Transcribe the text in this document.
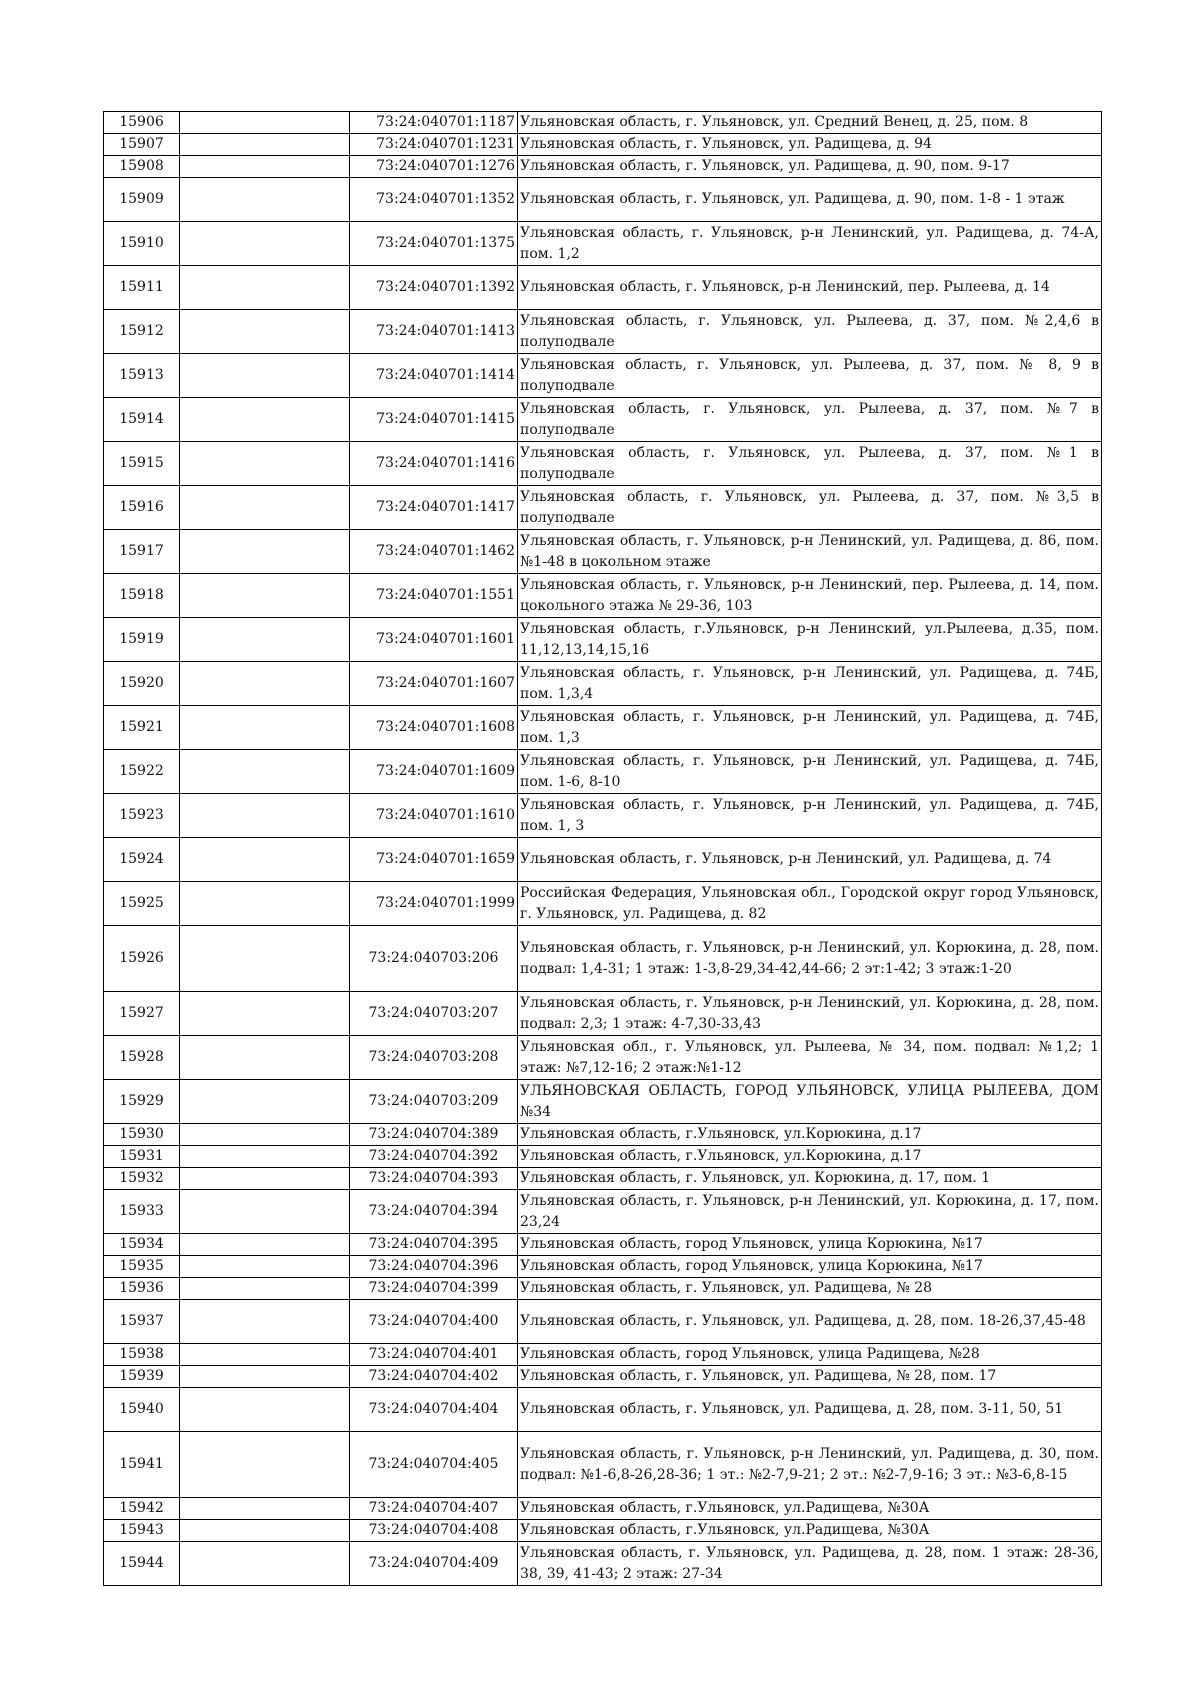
15906		73:24:040701:1187	Ульяновская область, г. Ульяновск, ул. Средний Венец, д. 25, пом. 8
15907		73:24:040701:1231	Ульяновская область, г. Ульяновск, ул. Радищева, д. 94
15908		73:24:040701:1276	Ульяновская область, г. Ульяновск, ул. Радищева, д. 90, пом. 9-17
15909		73:24:040701:1352	Ульяновская область, г. Ульяновск, ул. Радищева, д. 90, пом. 1-8 - 1 этаж
15910		73:24:040701:1375	Ульяновская область, г. Ульяновск, р-н Ленинский, ул. Радищева, д. 74-А, пом. 1,2
15911		73:24:040701:1392	Ульяновская область, г. Ульяновск, р-н Ленинский, пер. Рылеева, д. 14
15912		73:24:040701:1413	Ульяновская область, г. Ульяновск, ул. Рылеева, д. 37, пом. №2,4,6 в полуподвале
15913		73:24:040701:1414	Ульяновская область, г. Ульяновск, ул. Рылеева, д. 37, пом. № 8, 9 в полуподвале
15914		73:24:040701:1415	Ульяновская область, г. Ульяновск, ул. Рылеева, д. 37, пом. №7 в полуподвале
15915		73:24:040701:1416	Ульяновская область, г. Ульяновск, ул. Рылеева, д. 37, пом. №1 в полуподвале
15916		73:24:040701:1417	Ульяновская область, г. Ульяновск, ул. Рылеева, д. 37, пом. №3,5 в полуподвале
15917		73:24:040701:1462	Ульяновская область, г. Ульяновск, р-н Ленинский, ул. Радищева, д. 86, пом.№1-48 в цокольном этаже
15918		73:24:040701:1551	Ульяновская область, г. Ульяновск, р-н Ленинский, пер. Рылеева, д. 14, пом. цокольного этажа № 29-36, 103
15919		73:24:040701:1601	Ульяновская область, г.Ульяновск, р-н Ленинский, ул.Рылеева, д.35, пом. 11,12,13,14,15,16
15920		73:24:040701:1607	Ульяновская область, г. Ульяновск, р-н Ленинский, ул. Радищева, д. 74Б, пом. 1,3,4
15921		73:24:040701:1608	Ульяновская область, г. Ульяновск, р-н Ленинский, ул. Радищева, д. 74Б, пом. 1,3
15922		73:24:040701:1609	Ульяновская область, г. Ульяновск, р-н Ленинский, ул. Радищева, д. 74Б, пом. 1-6, 8-10
15923		73:24:040701:1610	Ульяновская область, г. Ульяновск, р-н Ленинский, ул. Радищева, д. 74Б, пом. 1, 3
15924		73:24:040701:1659	Ульяновская область, г. Ульяновск, р-н Ленинский, ул. Радищева, д. 74
15925		73:24:040701:1999	Российская Федерация, Ульяновская обл., Городской округ город Ульяновск, г. Ульяновск, ул. Радищева, д. 82
15926		73:24:040703:206	Ульяновская область, г. Ульяновск, р-н Ленинский, ул. Корюкина, д. 28, пом. подвал: 1,4-31; 1 этаж: 1-3,8-29,34-42,44-66; 2 эт:1-42; 3 этаж:1-20
15927		73:24:040703:207	Ульяновская область, г. Ульяновск, р-н Ленинский, ул. Корюкина, д. 28, пом. подвал: 2,3; 1 этаж: 4-7,30-33,43
15928		73:24:040703:208	Ульяновская обл., г. Ульяновск, ул. Рылеева, № 34, пом. подвал: №1,2; 1 этаж: №7,12-16; 2 этаж:№1-12
15929		73:24:040703:209	УЛЬЯНОВСКАЯ ОБЛАСТЬ, ГОРОД УЛЬЯНОВСК, УЛИЦА РЫЛЕЕВА, ДОМ №34
15930		73:24:040704:389	Ульяновская область, г.Ульяновск, ул.Корюкина, д.17
15931		73:24:040704:392	Ульяновская область, г.Ульяновск, ул.Корюкина, д.17
15932		73:24:040704:393	Ульяновская область, г. Ульяновск, ул. Корюкина, д. 17, пом. 1
15933		73:24:040704:394	Ульяновская область, г. Ульяновск, р-н Ленинский, ул. Корюкина, д. 17, пом. 23,24
15934		73:24:040704:395	Ульяновская область, город Ульяновск, улица Корюкина, №17
15935		73:24:040704:396	Ульяновская область, город Ульяновск, улица Корюкина, №17
15936		73:24:040704:399	Ульяновская область, г. Ульяновск, ул. Радищева, № 28
15937		73:24:040704:400	Ульяновская область, г. Ульяновск, ул. Радищева, д. 28, пом. 18-26,37,45-48
15938		73:24:040704:401	Ульяновская область, город Ульяновск, улица Радищева, №28
15939		73:24:040704:402	Ульяновская область, г. Ульяновск, ул. Радищева, № 28, пом. 17
15940		73:24:040704:404	Ульяновская область, г. Ульяновск, ул. Радищева, д. 28, пом. 3-11, 50, 51
15941		73:24:040704:405	Ульяновская область, г. Ульяновск, р-н Ленинский, ул. Радищева, д. 30, пом. подвал: №1-6,8-26,28-36; 1 эт.: №2-7,9-21; 2 эт.: №2-7,9-16; 3 эт.: №3-6,8-15
15942		73:24:040704:407	Ульяновская область, г.Ульяновск, ул.Радищева, №30А
15943		73:24:040704:408	Ульяновская область, г.Ульяновск, ул.Радищева, №30А
15944		73:24:040704:409	Ульяновская область, г. Ульяновск, ул. Радищева, д. 28, пом. 1 этаж: 28-36, 38, 39, 41-43; 2 этаж: 27-34
